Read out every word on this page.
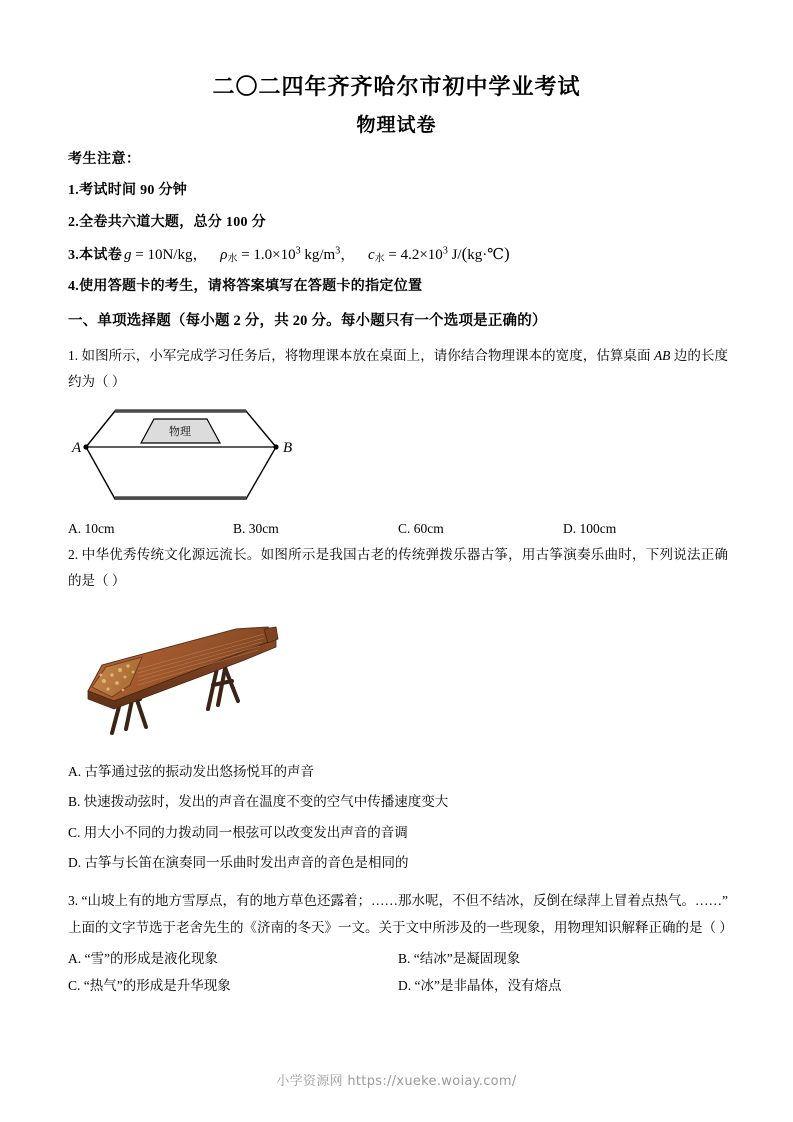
二〇二四年齐齐哈尔市初中学业考试
物理试卷

考生注意：

1.考试时间 90 分钟

2.全卷共六道大题，总分 100 分

3.本试卷 g = 10N/kg， $\rho_水 = 1.0\times 10^3$ $kg/m^3$， $c_水 = 4.2\times 10^3$ J/(kg·℃)

4.使用答题卡的考生，请将答案填写在答题卡的指定位置

一、单项选择题（每小题 2 分，共 20 分。每小题只有一个选项是正确的）

1. 如图所示，小军完成学习任务后，将物理课本放在桌面上，请你结合物理课本的宽度，估算桌面 AB 边的长度约为（ ）

物理
A	B
A. 10cm	B. 30cm	C. 60cm	D. 100cm

2. 中华优秀传统文化源远流长。如图所示是我国古老的传统弹拨乐器古筝，用古筝演奏乐曲时，下列说法正确的是（ ）

A. 古筝通过弦的振动发出悠扬悦耳的声音
B. 快速拨动弦时，发出的声音在温度不变的空气中传播速度变大
C. 用大小不同的力拨动同一根弦可以改变发出声音的音调
D. 古筝与长笛在演奏同一乐曲时发出声音的音色是相同的

3. “山坡上有的地方雪厚点，有的地方草色还露着；……那水呢，不但不结冰，反倒在绿萍上冒着点热气。……”上面的文字节选于老舍先生的《济南的冬天》一文。关于文中所涉及的一些现象，用物理知识解释正确的是（ ）

A. “雪”的形成是液化现象	B. “结冰”是凝固现象
C. “热气”的形成是升华现象	D. “冰”是非晶体，没有熔点
小学资源网 https://xueke.woiay.com/
